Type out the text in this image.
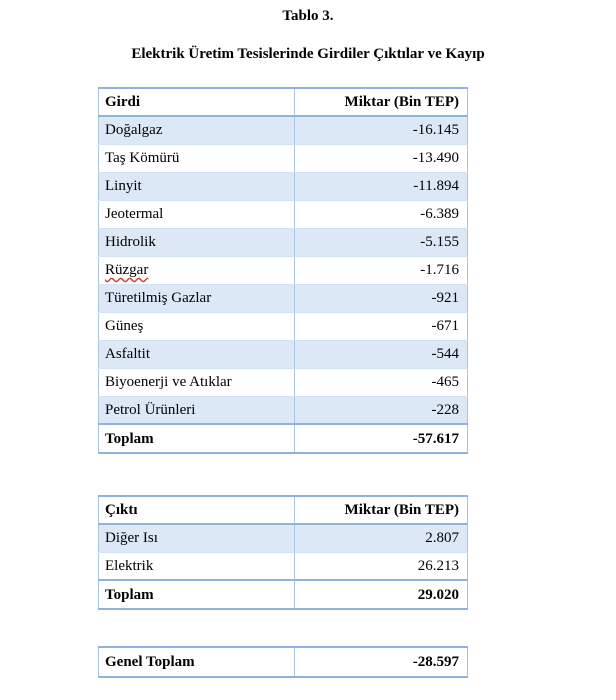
Tablo 3.
Elektrik Üretim Tesislerinde Girdiler Çıktılar ve Kayıp
Girdi	Miktar (Bin TEP)
Doğalgaz	-16.145
Taş Kömürü	-13.490
Linyit	-11.894
Jeotermal	-6.389
Hidrolik	-5.155
Rüzgar	-1.716
Türetilmiş Gazlar	-921
Güneş	-671
Asfaltit	-544
Biyoenerji ve Atıklar	-465
Petrol Ürünleri	-228
Toplam	-57.617
Çıktı	Miktar (Bin TEP)
Diğer Isı	2.807
Elektrik	26.213
Toplam	29.020
Genel Toplam	-28.597
